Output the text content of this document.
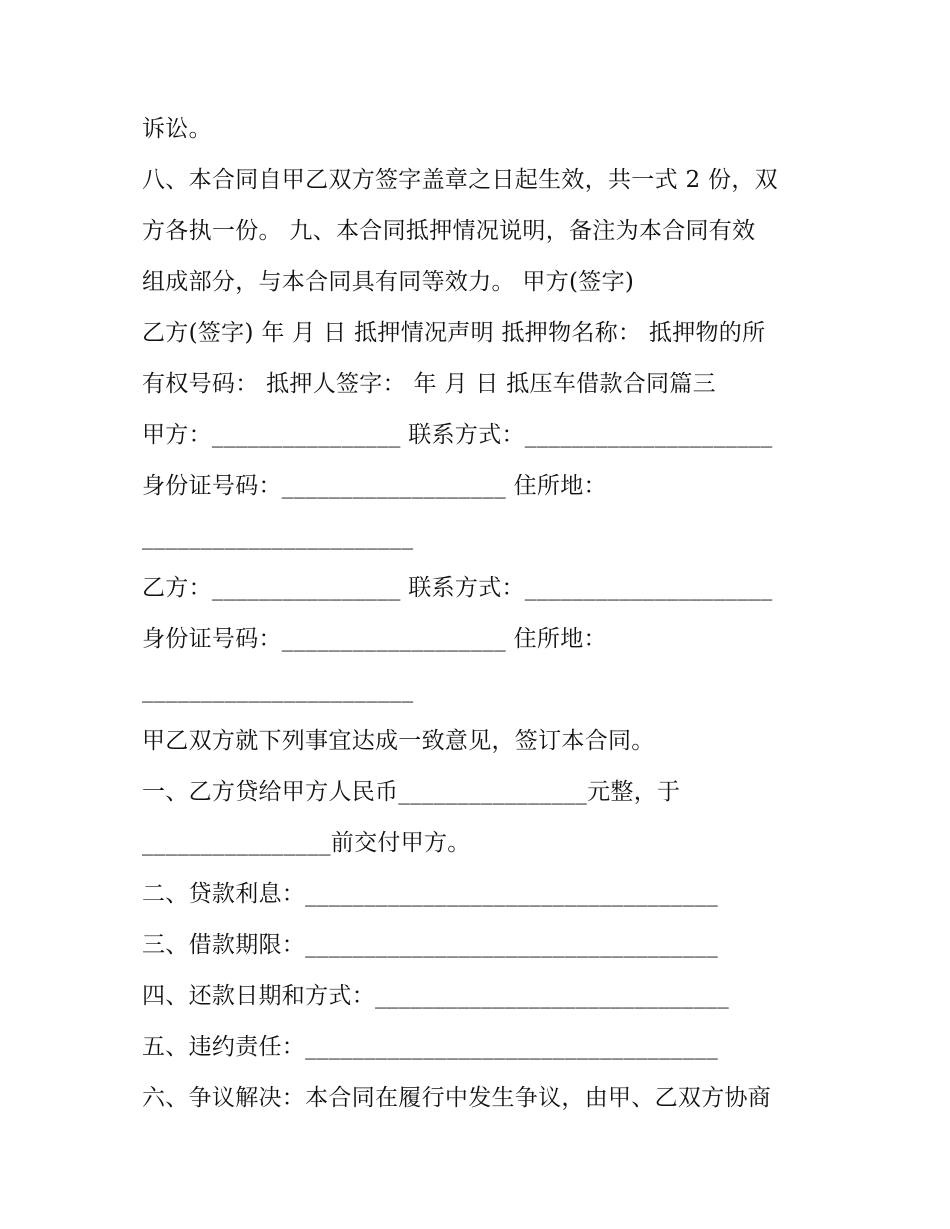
诉讼。
八、本合同自甲乙双方签字盖章之日起生效，共一式 2 份，双
方各执一份。 九、本合同抵押情况说明，备注为本合同有效
组成部分，与本合同具有同等效力。 甲方(签字)
乙方(签字) 年 月 日 抵押情况声明 抵押物名称： 抵押物的所
有权号码： 抵押人签字： 年 月 日 抵压车借款合同篇三
甲方：________________ 联系方式：_____________________
身份证号码：___________________ 住所地：
_______________________
乙方：________________ 联系方式：_____________________
身份证号码：___________________ 住所地：
_______________________
甲乙双方就下列事宜达成一致意见，签订本合同。
一、乙方贷给甲方人民币________________元整，于
________________前交付甲方。
二、贷款利息：___________________________________
三、借款期限：___________________________________
四、还款日期和方式：______________________________
五、违约责任：___________________________________
六、争议解决：本合同在履行中发生争议，由甲、乙双方协商
